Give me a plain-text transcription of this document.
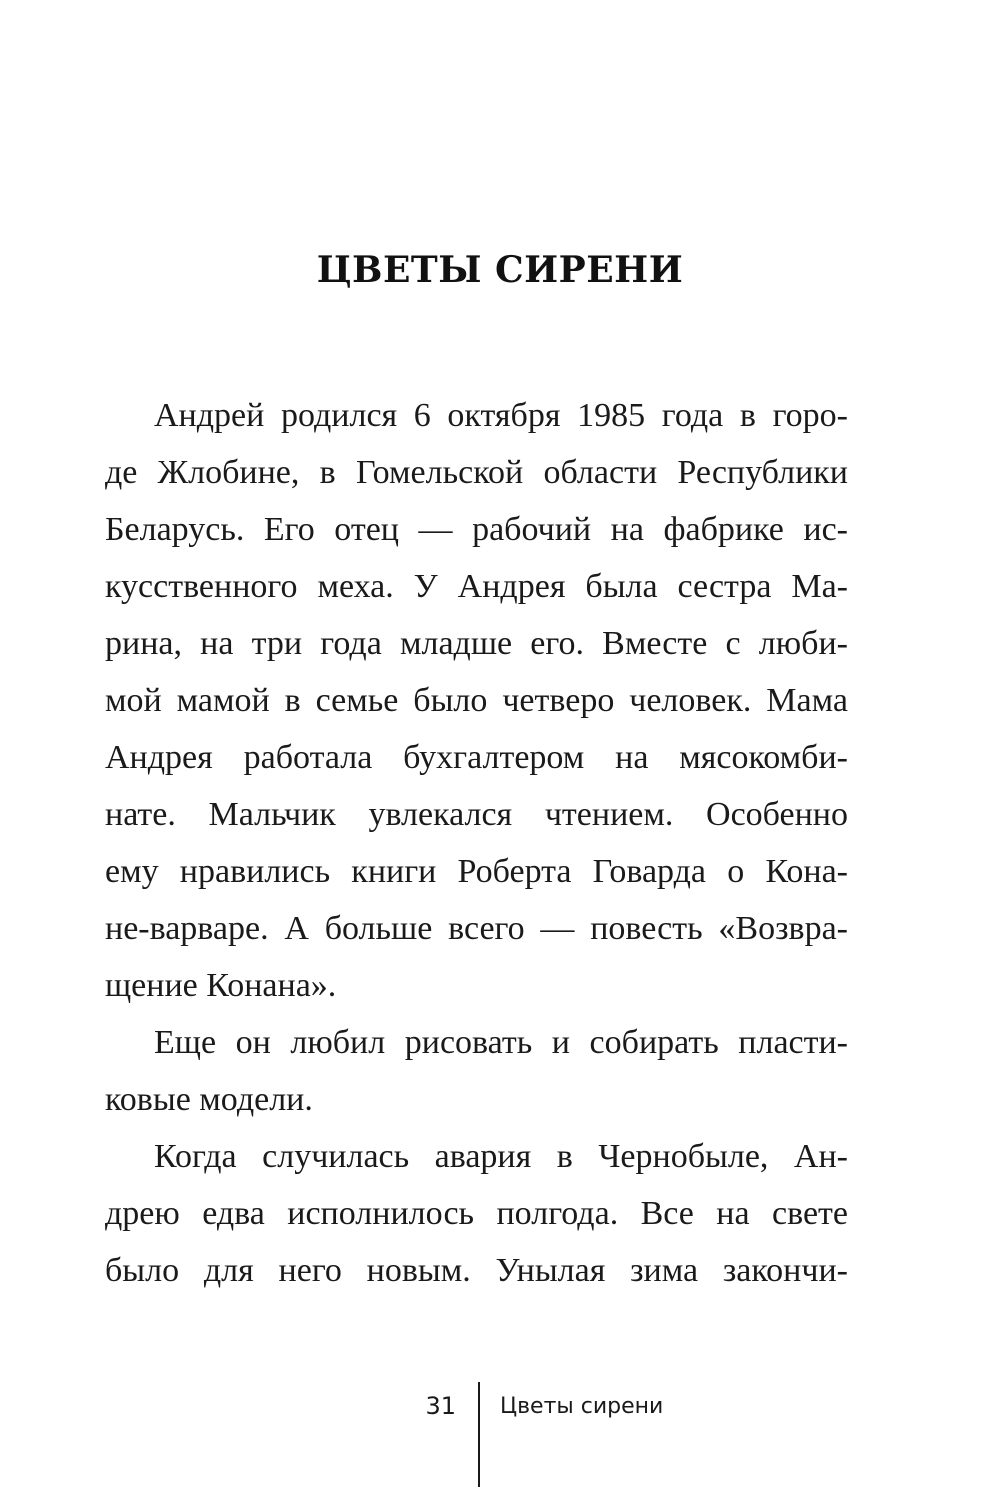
ЦВЕТЫ СИРЕНИ
Андрей родился 6 октября 1985 года в горо-
де Жлобине, в Гомельской области Республики
Беларусь. Его отец — рабочий на фабрике ис-
кусственного меха. У Андрея была сестра Ма-
рина, на три года младше его. Вместе с люби-
мой мамой в семье было четверо человек. Мама
Андрея работала бухгалтером на мясокомби-
нате. Мальчик увлекался чтением. Особенно
ему нравились книги Роберта Говарда о Кона-
не-варваре. А больше всего — повесть «Возвра-
щение Конана».
Еще он любил рисовать и собирать пласти-
ковые модели.
Когда случилась авария в Чернобыле, Ан-
дрею едва исполнилось полгода. Все на свете
было для него новым. Унылая зима закончи-
31 Цветы сирени
